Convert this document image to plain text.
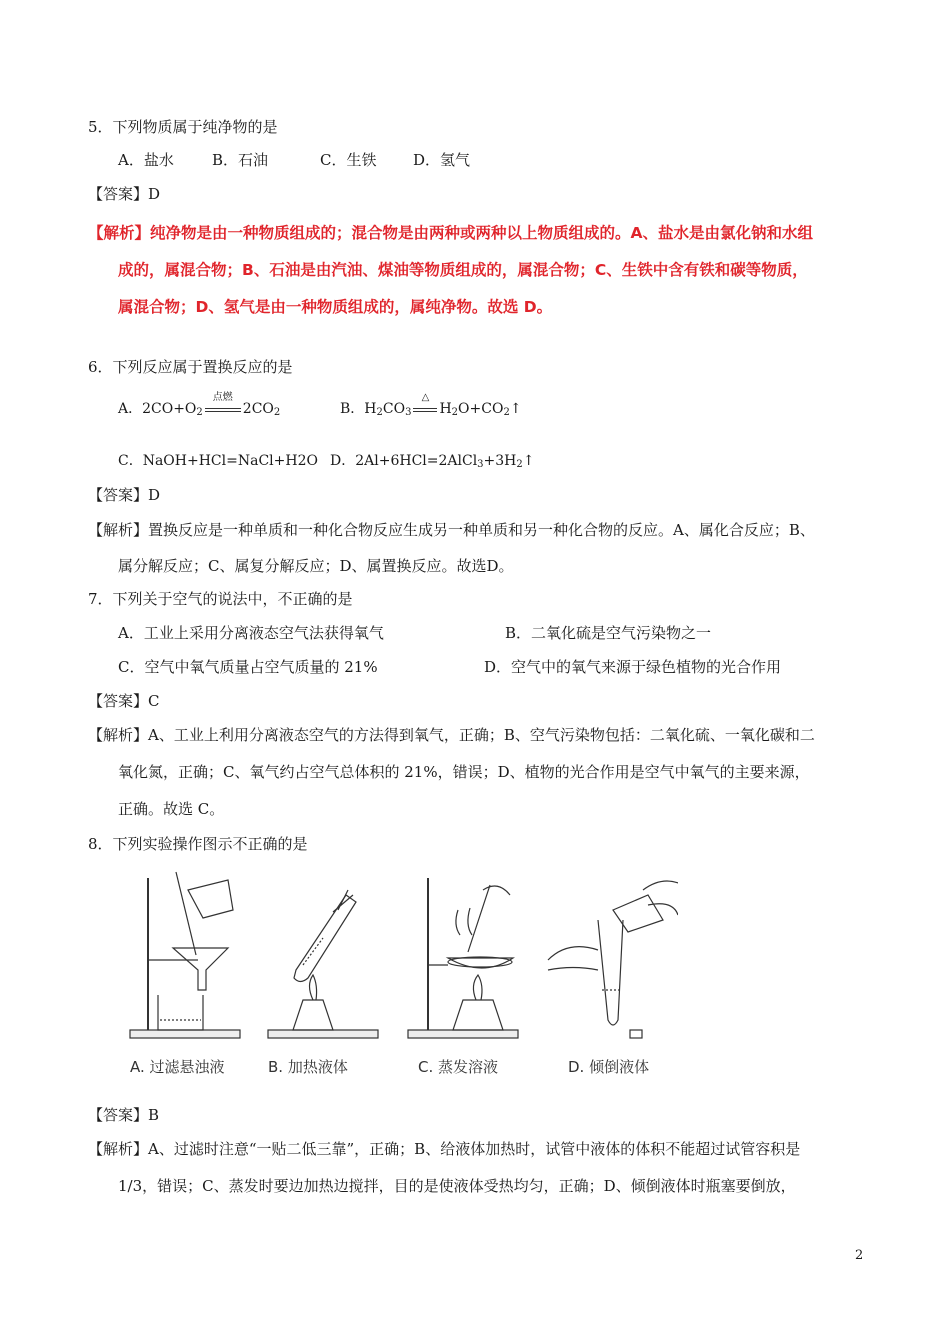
5．下列物质属于纯净物的是
A．盐水	B．石油	C．生铁 D．氢气
【答案】D
【解析】纯净物是由一种物质组成的；混合物是由两种或两种以上物质组成的。A、盐水是由氯化钠和水组
成的，属混合物；B、石油是由汽油、煤油等物质组成的，属混合物；C、生铁中含有铁和碳等物质，
属混合物；D、氢气是由一种物质组成的，属纯净物。故选 D。
6．下列反应属于置换反应的是
A．$2CO+O_2$
点燃
$2CO_2$	B．$H_2CO_3$
△
$H_2O+CO_2↑$
C．NaOH+HCl=NaCl+H2O D．$2Al+6HCl=2AlCl_3+3H_2↑$
【答案】D
【解析】置换反应是一种单质和一种化合物反应生成另一种单质和另一种化合物的反应。A、属化合反应；B、
属分解反应；C、属复分解反应；D、属置换反应。故选D。
7．下列关于空气的说法中，不正确的是
A．工业上采用分离液态空气法获得氧气	B．二氧化硫是空气污染物之一
C．空气中氧气质量占空气质量的 21%	D．空气中的氧气来源于绿色植物的光合作用
【答案】C
【解析】A、工业上利用分离液态空气的方法得到氧气，正确；B、空气污染物包括：二氧化硫、一氧化碳和二
氧化氮，正确；C、氧气约占空气总体积的 21%，错误；D、植物的光合作用是空气中氧气的主要来源，
正确。故选 C。
8．下列实验操作图示不正确的是
A. 过滤悬浊液	B. 加热液体	C. 蒸发溶液	D. 倾倒液体
【答案】B
【解析】A、过滤时注意“一贴二低三靠”，正确；B、给液体加热时，试管中液体的体积不能超过试管容积是
1/3，错误；C、蒸发时要边加热边搅拌，目的是使液体受热均匀，正确；D、倾倒液体时瓶塞要倒放，
2
